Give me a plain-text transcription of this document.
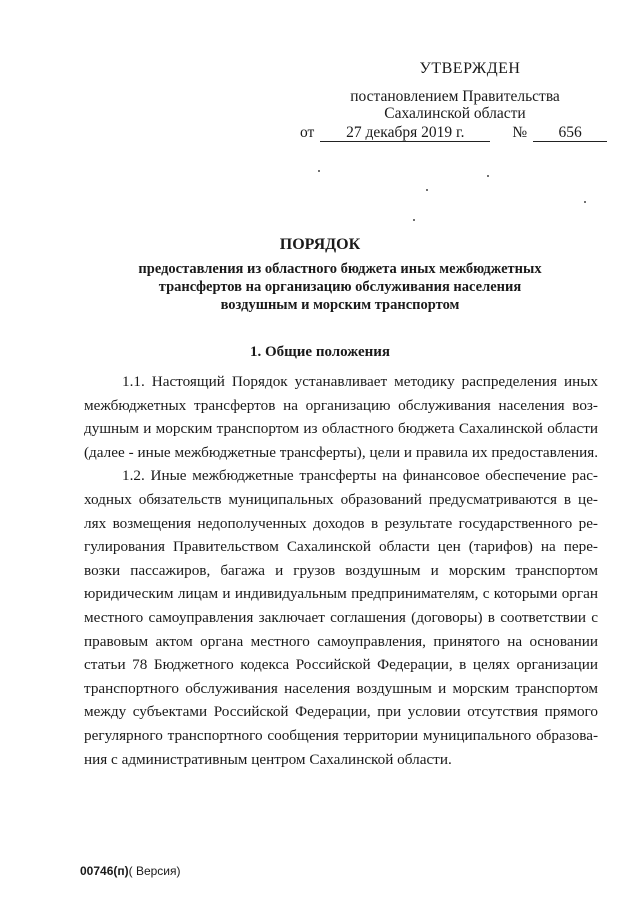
УТВЕРЖДЕН
постановлением Правительства
Сахалинской области
от	27 декабря 2019 г.	№	656
ПОРЯДОК
предоставления из областного бюджета иных межбюджетных
трансфертов на организацию обслуживания населения
воздушным и морским транспортом
1. Общие положения
1.1. Настоящий Порядок устанавливает методику распределения иных
межбюджетных трансфертов на организацию обслуживания населения воз-
душным и морским транспортом из областного бюджета Сахалинской области
(далее - иные межбюджетные трансферты), цели и правила их предоставления.
1.2. Иные межбюджетные трансферты на финансовое обеспечение рас-
ходных обязательств муниципальных образований предусматриваются в це-
лях возмещения недополученных доходов в результате государственного ре-
гулирования Правительством Сахалинской области цен (тарифов) на пере-
возки пассажиров, багажа и грузов воздушным и морским транспортом
юридическим лицам и индивидуальным предпринимателям, с которыми орган
местного самоуправления заключает соглашения (договоры) в соответствии с
правовым актом органа местного самоуправления, принятого на основании
статьи 78 Бюджетного кодекса Российской Федерации, в целях организации
транспортного обслуживания населения воздушным и морским транспортом
между субъектами Российской Федерации, при условии отсутствия прямого
регулярного транспортного сообщения территории муниципального образова-
ния с административным центром Сахалинской области.
00746(п)( Версия)
